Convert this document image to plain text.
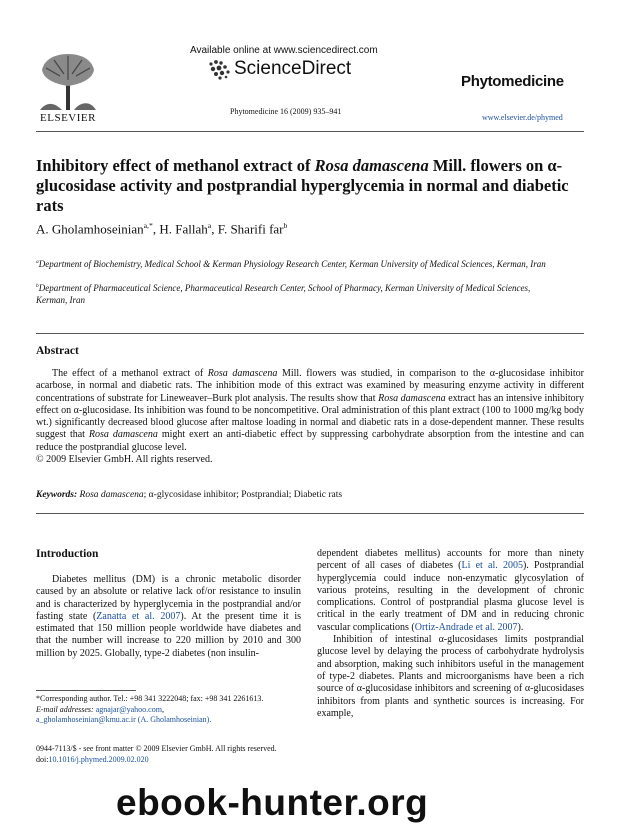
ELSEVIER
Available online at www.sciencedirect.com
ScienceDirect
Phytomedicine 16 (2009) 935–941
Phytomedicine
www.elsevier.de/phymed
Inhibitory effect of methanol extract of Rosa damascena Mill. flowers on α-glucosidase activity and postprandial hyperglycemia in normal and diabetic rats
A. Gholamhoseinian$^{a,*}$, H. Fallah$^a$, F. Sharifi far$^b$
$^a$Department of Biochemistry, Medical School & Kerman Physiology Research Center, Kerman University of Medical Sciences, Kerman, Iran
$^b$Department of Pharmaceutical Science, Pharmaceutical Research Center, School of Pharmacy, Kerman University of Medical Sciences, Kerman, Iran
Abstract

The effect of a methanol extract of Rosa damascena Mill. flowers was studied, in comparison to the α-glucosidase inhibitor acarbose, in normal and diabetic rats. The inhibition mode of this extract was examined by measuring enzyme activity in different concentrations of substrate for Lineweaver–Burk plot analysis. The results show that Rosa damascena extract has an intensive inhibitory effect on α-glucosidase. Its inhibition was found to be noncompetitive. Oral administration of this plant extract (100 to 1000 mg/kg body wt.) significantly decreased blood glucose after maltose loading in normal and diabetic rats in a dose-dependent manner. These results suggest that Rosa damascena might exert an anti-diabetic effect by suppressing carbohydrate absorption from the intestine and can reduce the postprandial glucose level.

© 2009 Elsevier GmbH. All rights reserved.

Keywords: Rosa damascena; α-glycosidase inhibitor; Postprandial; Diabetic rats
Introduction

Diabetes mellitus (DM) is a chronic metabolic disorder caused by an absolute or relative lack of/or resistance to insulin and is characterized by hyperglycemia in the postprandial and/or fasting state (Zanatta et al. 2007). At the present time it is estimated that 150 million people worldwide have diabetes and that the number will increase to 220 million by 2010 and 300 million by 2025. Globally, type-2 diabetes (non insulin-

dependent diabetes mellitus) accounts for more than ninety percent of all cases of diabetes (Li et al. 2005). Postprandial hyperglycemia could induce non-enzymatic glycosylation of various proteins, resulting in the development of chronic complications. Control of postprandial plasma glucose level is critical in the early treatment of DM and in reducing chronic vascular complications (Ortiz-Andrade et al. 2007).

Inhibition of intestinal α-glucosidases limits postprandial glucose level by delaying the process of carbohydrate hydrolysis and absorption, making such inhibitors useful in the management of type-2 diabetes. Plants and microorganisms have been a rich source of α-glucosidase inhibitors and screening of α-glucosidases inhibitors from plants and synthetic sources is increasing. For example,

*Corresponding author. Tel.: +98 341 3222048; fax: +98 341 2261613.
E-mail addresses: agnajar@yahoo.com,
a_gholamhoseinian@kmu.ac.ir (A. Gholamhoseinian).
0944-7113/$ - see front matter © 2009 Elsevier GmbH. All rights reserved.
doi:10.1016/j.phymed.2009.02.020
ebook-hunter.org
